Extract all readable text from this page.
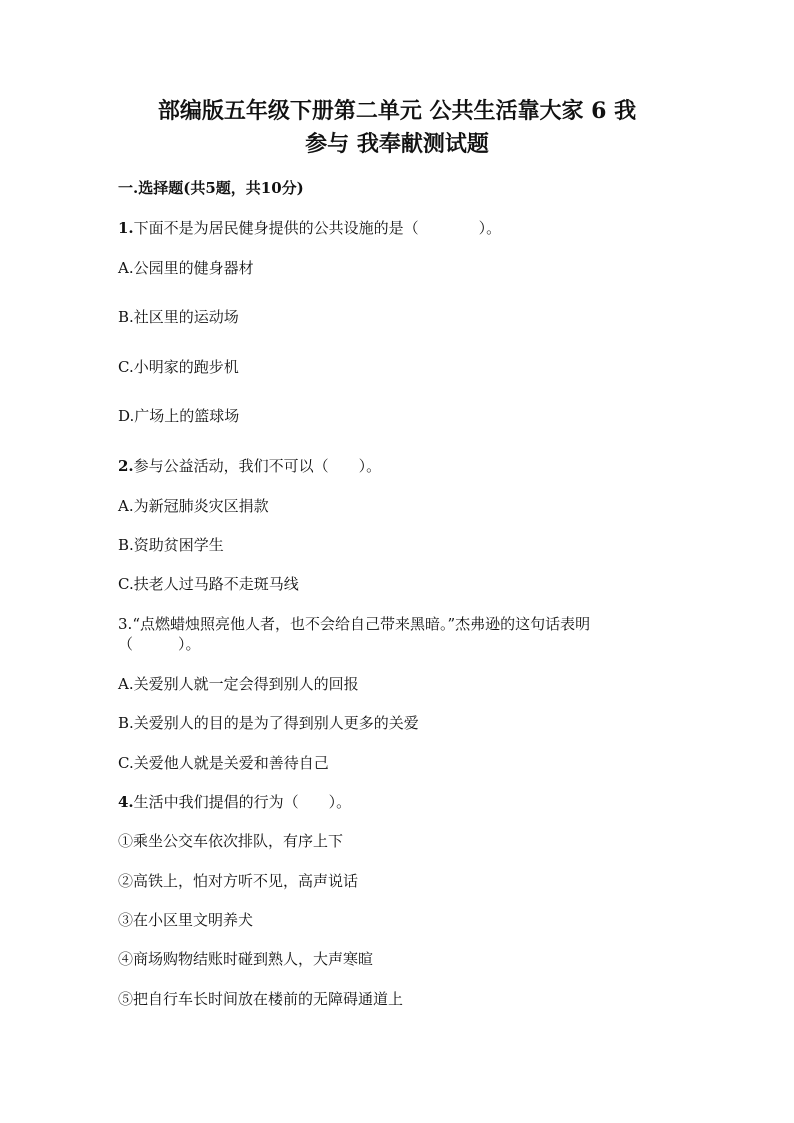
部编版五年级下册第二单元 公共生活靠大家 6 我
参与 我奉献测试题
一.选择题(共5题，共10分)
1.下面不是为居民健身提供的公共设施的是（　　　　）。
A.公园里的健身器材
B.社区里的运动场
C.小明家的跑步机
D.广场上的篮球场
2.参与公益活动，我们不可以（　　）。
A.为新冠肺炎灾区捐款
B.资助贫困学生
C.扶老人过马路不走斑马线
3.“点燃蜡烛照亮他人者，也不会给自己带来黑暗。”杰弗逊的这句话表明
（　　　）。
A.关爱别人就一定会得到别人的回报
B.关爱别人的目的是为了得到别人更多的关爱
C.关爱他人就是关爱和善待自己
4.生活中我们提倡的行为（　　）。
①乘坐公交车依次排队，有序上下
②高铁上，怕对方听不见，高声说话
③在小区里文明养犬
④商场购物结账时碰到熟人，大声寒暄
⑤把自行车长时间放在楼前的无障碍通道上
